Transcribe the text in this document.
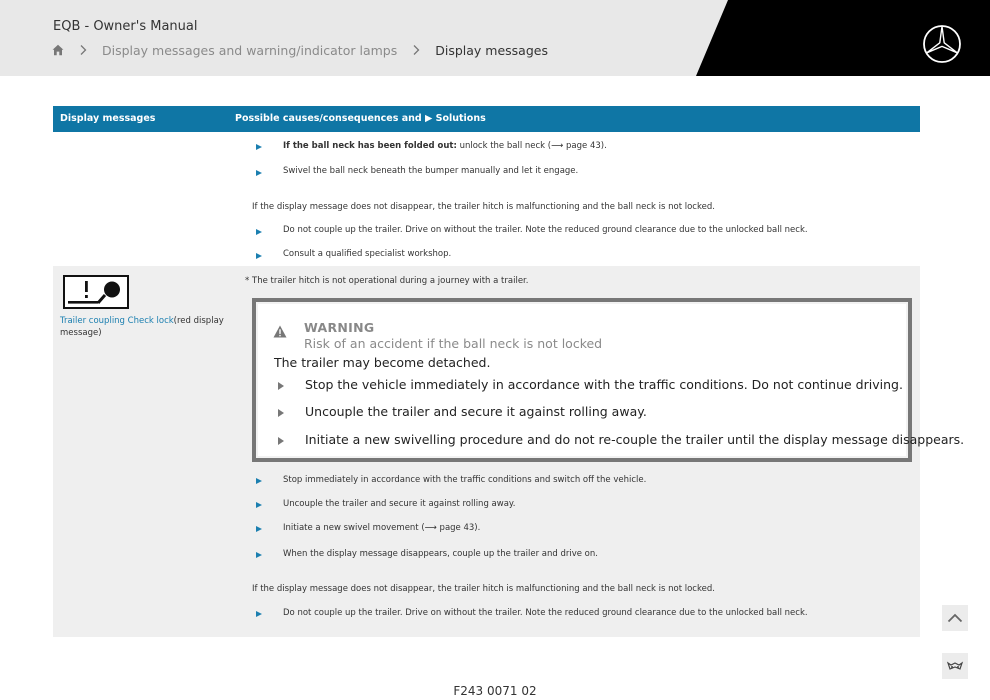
EQB - Owner's Manual
Display messages and warning/indicator lamps	Display messages
Display messages	Possible causes/consequences and ▶ Solutions
If the ball neck has been folded out: unlock the ball neck (⟶ page 43).
Swivel the ball neck beneath the bumper manually and let it engage.
If the display message does not disappear, the trailer hitch is malfunctioning and the ball neck is not locked.
Do not couple up the trailer. Drive on without the trailer. Note the reduced ground clearance due to the unlocked ball neck.
Consult a qualified specialist workshop.
Trailer coupling Check lock(red display message)
* The trailer hitch is not operational during a journey with a trailer.
Stop immediately in accordance with the traffic conditions and switch off the vehicle.
Uncouple the trailer and secure it against rolling away.
Initiate a new swivel movement (⟶ page 43).
When the display message disappears, couple up the trailer and drive on.
If the display message does not disappear, the trailer hitch is malfunctioning and the ball neck is not locked.
Do not couple up the trailer. Drive on without the trailer. Note the reduced ground clearance due to the unlocked ball neck.
WARNING
Risk of an accident if the ball neck is not locked
The trailer may become detached.
Stop the vehicle immediately in accordance with the traffic conditions. Do not continue driving.
Uncouple the trailer and secure it against rolling away.
Initiate a new swivelling procedure and do not re-couple the trailer until the display message disappears.
F243 0071 02
